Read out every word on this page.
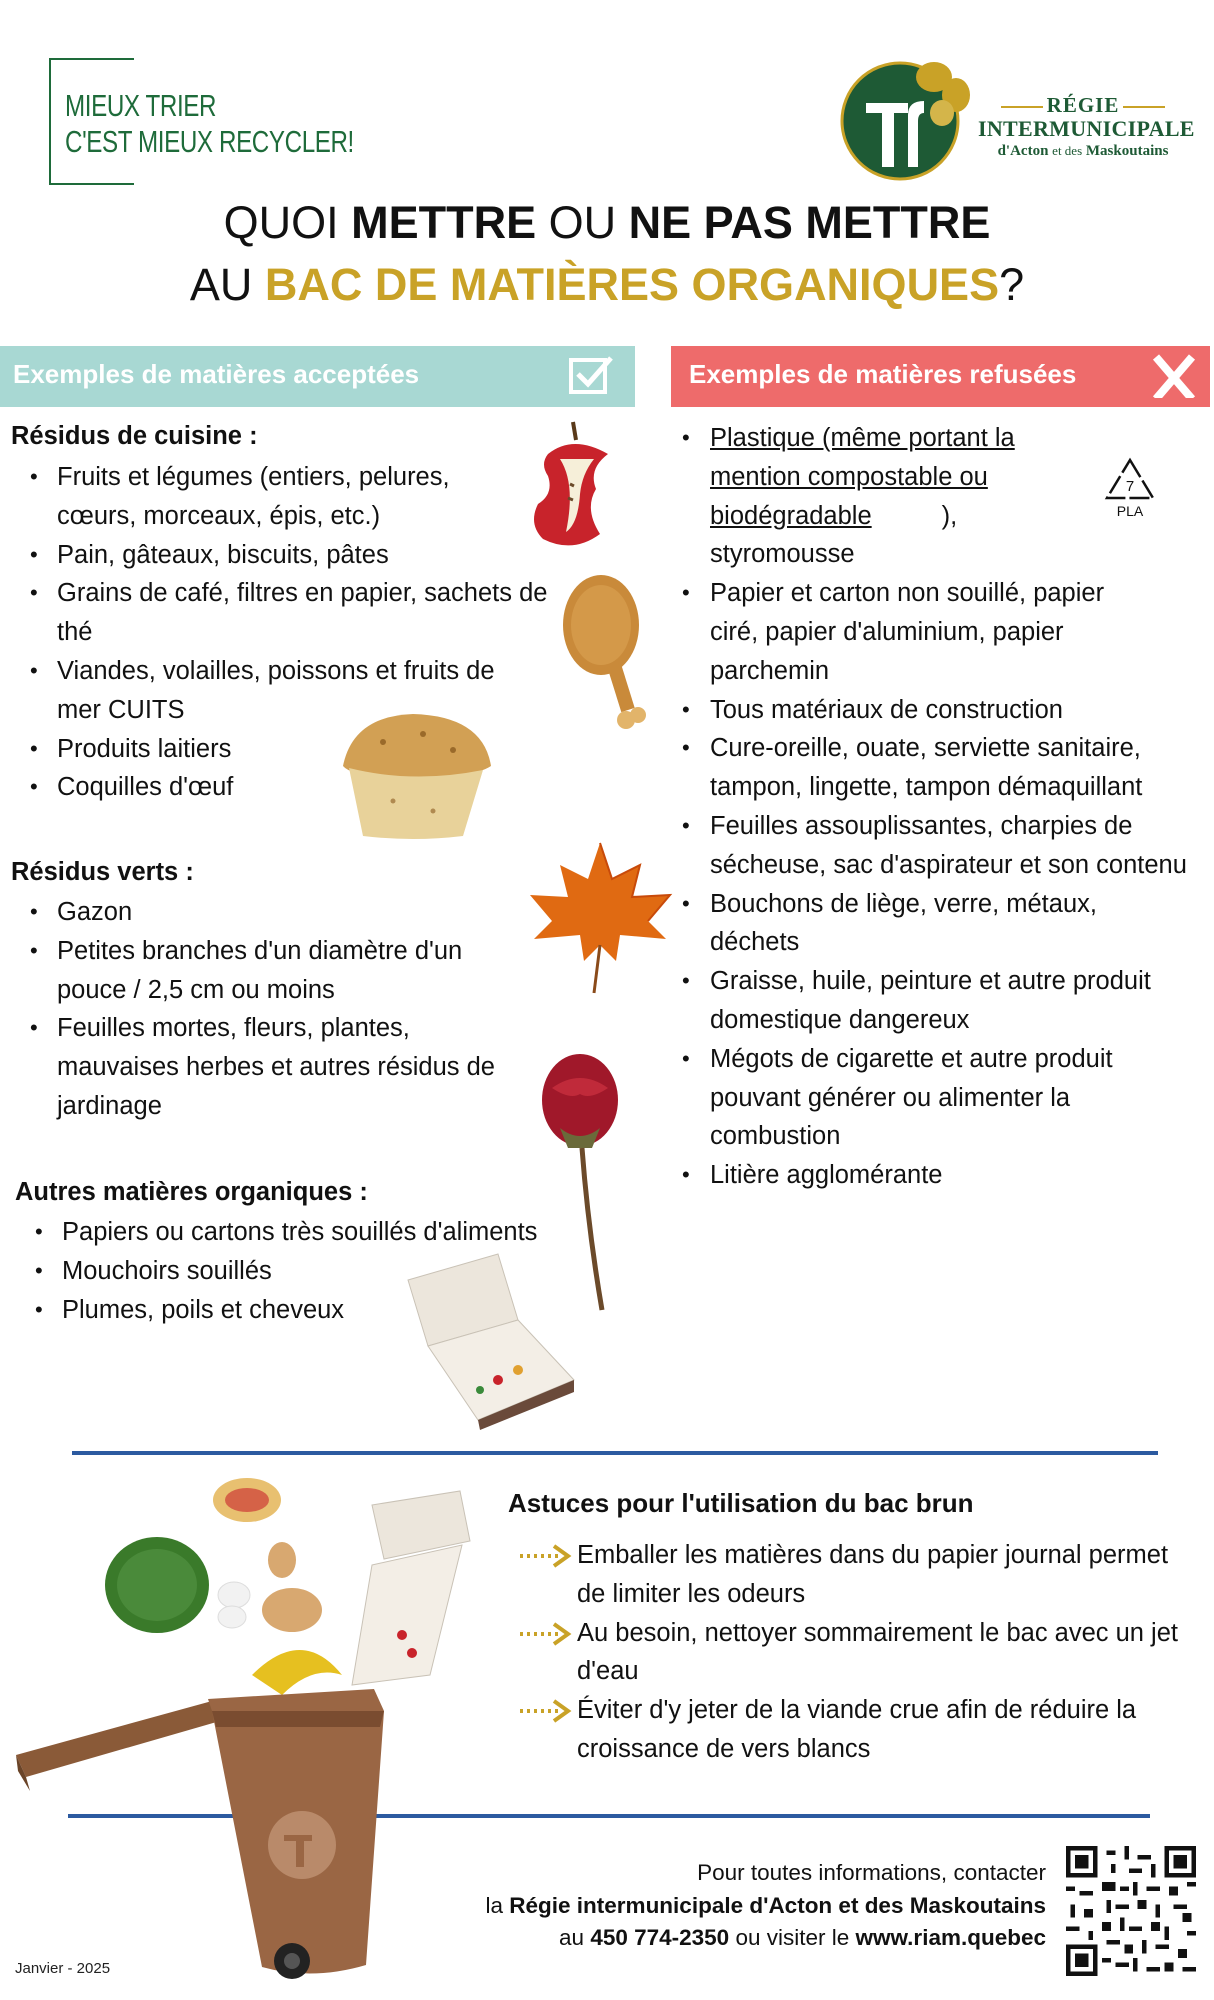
MIEUX TRIER
C'EST MIEUX RECYCLER!
RÉGIE
INTERMUNICIPALE
d'Acton et des Maskoutains
QUOI METTRE OU NE PAS METTRE
AU BAC DE MATIÈRES ORGANIQUES?
Exemples de matières acceptées	Exemples de matières refusées
Résidus de cuisine :
• Fruits et légumes (entiers, pelures, cœurs, morceaux, épis, etc.)
• Pain, gâteaux, biscuits, pâtes
• Grains de café, filtres en papier, sachets de thé
• Viandes, volailles, poissons et fruits de mer CUITS
• Produits laitiers
• Coquilles d'œuf
Résidus verts :
• Gazon
• Petites branches d'un diamètre d'un pouce / 2,5 cm ou moins
• Feuilles mortes, fleurs, plantes, mauvaises herbes et autres résidus de jardinage
Autres matières organiques :
• Papiers ou cartons très souillés d'aliments
• Mouchoirs souillés
• Plumes, poils et cheveux
• Plastique (même portant la mention compostable ou biodégradable	), styromousse
• Papier et carton non souillé, papier ciré, papier d'aluminium, papier parchemin
• Tous matériaux de construction
• Cure-oreille, ouate, serviette sanitaire, tampon, lingette, tampon démaquillant
• Feuilles assouplissantes, charpies de sécheuse, sac d'aspirateur et son contenu
• Bouchons de liège, verre, métaux, déchets
• Graisse, huile, peinture et autre produit domestique dangereux
• Mégots de cigarette et autre produit pouvant générer ou alimenter la combustion
• Litière agglomérante
7
PLA
Astuces pour l'utilisation du bac brun
Emballer les matières dans du papier journal permet de limiter les odeurs
Au besoin, nettoyer sommairement le bac avec un jet d'eau
Éviter d'y jeter de la viande crue afin de réduire la croissance de vers blancs
Pour toutes informations, contacter
la Régie intermunicipale d'Acton et des Maskoutains
au 450 774-2350 ou visiter le www.riam.quebec
Janvier - 2025
